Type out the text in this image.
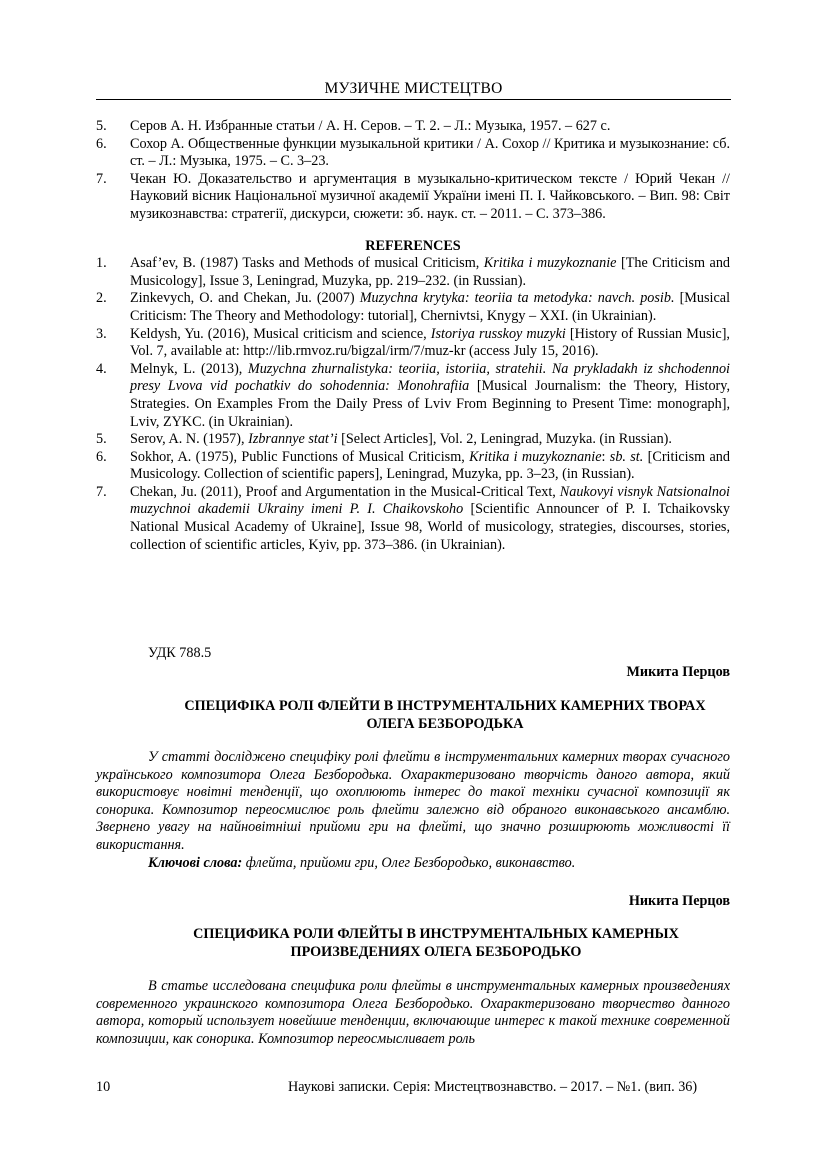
МУЗИЧНЕ МИСТЕЦТВО
5. Серов А. Н. Избранные статьи / А. Н. Серов. – Т. 2. – Л.: Музыка, 1957. – 627 с.
6. Сохор А. Общественные функции музыкальной критики / А. Сохор // Критика и музыкознание: сб. ст. – Л.: Музыка, 1975. – С. 3–23.
7. Чекан Ю. Доказательство и аргументация в музыкально-критическом тексте / Юрий Чекан // Науковий вісник Національної музичної академії України імені П. І. Чайковського. – Вип. 98: Світ музикознавства: стратегії, дискурси, сюжети: зб. наук. ст. – 2011. – С. 373–386.
REFERENCES
1. Asaf’ev, B. (1987) Tasks and Methods of musical Criticism, Kritika i muzykoznanie [The Criticism and Musicology], Issue 3, Leningrad, Muzyka, pp. 219–232. (in Russian).
2. Zinkevych, O. and Chekan, Ju. (2007) Muzychna krytyka: teoriia ta metodyka: navch. posib. [Musical Criticism: The Theory and Methodology: tutorial], Chernivtsi, Knygy – XXI. (in Ukrainian).
3. Keldysh, Yu. (2016), Musical criticism and science, Istoriya russkoy muzyki [History of Russian Music], Vol. 7, available at: http://lib.rmvoz.ru/bigzal/irm/7/muz-kr (access July 15, 2016).
4. Melnyk, L. (2013), Muzychna zhurnalistyka: teoriia, istoriia, stratehii. Na prykladakh iz shchodennoi presy Lvova vid pochatkiv do sohodennia: Monohrafiia [Musical Journalism: the Theory, History, Strategies. On Examples From the Daily Press of Lviv From Beginning to Present Time: monograph], Lviv, ZYKC. (in Ukrainian).
5. Serov, A. N. (1957), Izbrannye stat’i [Select Articles], Vol. 2, Leningrad, Muzyka. (in Russian).
6. Sokhor, A. (1975), Public Functions of Musical Criticism, Kritika i muzykoznanie: sb. st. [Criticism and Musicology. Collection of scientific papers], Leningrad, Muzyka, pp. 3–23, (in Russian).
7. Chekan, Ju. (2011), Proof and Argumentation in the Musical-Critical Text, Naukovyi visnyk Natsionalnoi muzychnoi akademii Ukrainy imeni P. I. Chaikovskoho [Scientific Announcer of P. I. Tchaikovsky National Musical Academy of Ukraine], Issue 98, World of musicology, strategies, discourses, stories, collection of scientific articles, Kyiv, pp. 373–386. (in Ukrainian).
УДК 788.5
Микита Перцов
СПЕЦИФІКА РОЛІ ФЛЕЙТИ В ІНСТРУМЕНТАЛЬНИХ КАМЕРНИХ ТВОРАХ
ОЛЕГА БЕЗБОРОДЬКА
У статті досліджено специфіку ролі флейти в інструментальних камерних творах сучасного українського композитора Олега Безбородька. Охарактеризовано творчість даного автора, який використовує новітні тенденції, що охоплюють інтерес до такої техніки сучасної композиції як сонорика. Композитор переосмислює роль флейти залежно від обраного виконавського ансамблю. Звернено увагу на найновітніші прийоми гри на флейті, що значно розширюють можливості її використання.
Ключові слова: флейта, прийоми гри, Олег Безбородько, виконавство.
Никита Перцов
СПЕЦИФИКА РОЛИ ФЛЕЙТЫ В ИНСТРУМЕНТАЛЬНЫХ КАМЕРНЫХ
ПРОИЗВЕДЕНИЯХ ОЛЕГА БЕЗБОРОДЬКО
В статье исследована специфика роли флейты в инструментальных камерных произведениях современного украинского композитора Олега Безбородько. Охарактеризовано творчество данного автора, который использует новейшие тенденции, включающие интерес к такой технике современной композиции, как сонорика. Композитор переосмысливает роль
10	Наукові записки. Серія: Мистецтвознавство. – 2017. – №1. (вип. 36)
